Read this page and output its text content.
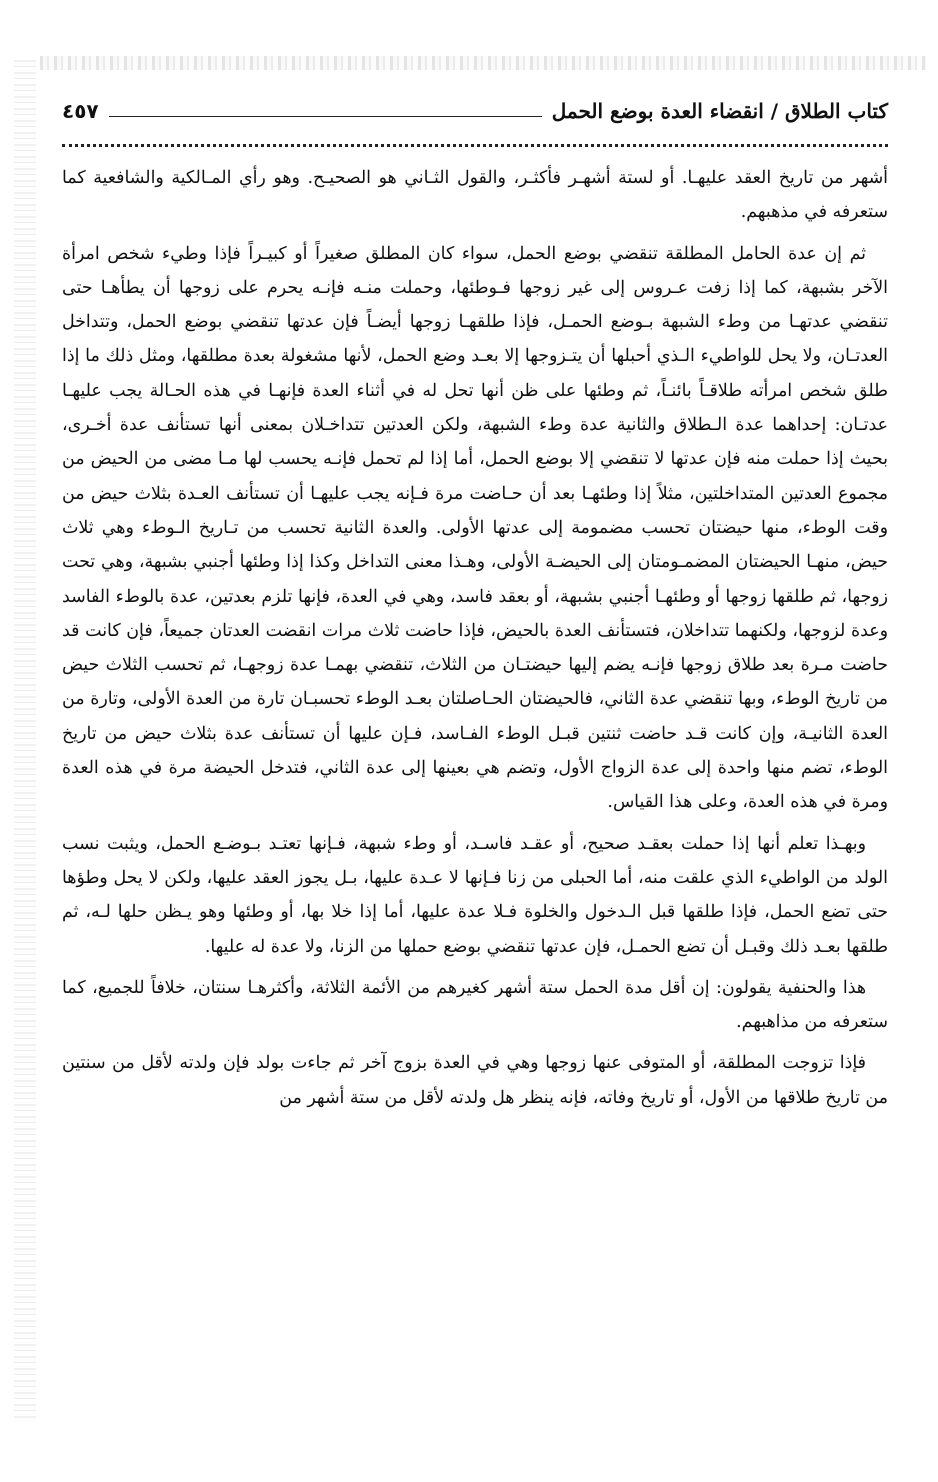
كتاب الطلاق / انقضاء العدة بوضع الحمل
٤٥٧

أشهر من تاريخ العقد عليهـا. أو لستة أشهـر فأكثـر، والقول الثـاني هو الصحيـح. وهو رأي المـالكية والشافعية كما ستعرفه في مذهبهم.

ثم إن عدة الحامل المطلقة تنقضي بوضع الحمل، سواء كان المطلق صغيراً أو كبيـراً فإذا وطيء شخص امرأة الآخر بشبهة، كما إذا زفت عـروس إلى غير زوجها فـوطئها، وحملت منـه فإنـه يحرم على زوجها أن يطأهـا حتى تنقضي عدتهـا من وطء الشبهة بـوضع الحمـل، فإذا طلقهـا زوجها أيضـاً فإن عدتها تنقضي بوضع الحمل، وتتداخل العدتـان، ولا يحل للواطيء الـذي أحبلها أن يتـزوجها إلا بعـد وضع الحمل، لأنها مشغولة بعدة مطلقها، ومثل ذلك ما إذا طلق شخص امرأته طلاقـاً بائنـاً، ثم وطئها على ظن أنها تحل له في أثناء العدة فإنهـا في هذه الحـالة يجب عليهـا عدتـان: إحداهما عدة الـطلاق والثانية عدة وطء الشبهة، ولكن العدتين تتداخـلان بمعنى أنها تستأنف عدة أخـرى، بحيث إذا حملت منه فإن عدتها لا تنقضي إلا بوضع الحمل، أما إذا لم تحمل فإنـه يحسب لها مـا مضى من الحيض من مجموع العدتين المتداخلتين، مثلاً إذا وطئهـا بعد أن حـاضت مرة فـإنه يجب عليهـا أن تستأنف العـدة بثلاث حيض من وقت الوطء، منها حيضتان تحسب مضمومة إلى عدتها الأولى. والعدة الثانية تحسب من تـاريخ الـوطء وهي ثلاث حيض، منهـا الحيضتان المضمـومتان إلى الحيضـة الأولى، وهـذا معنى التداخل وكذا إذا وطئها أجنبي بشبهة، وهي تحت زوجها، ثم طلقها زوجها أو وطئهـا أجنبي بشبهة، أو بعقد فاسد، وهي في العدة، فإنها تلزم بعدتين، عدة بالوطء الفاسد وعدة لزوجها، ولكنهما تتداخلان، فتستأنف العدة بالحيض، فإذا حاضت ثلاث مرات انقضت العدتان جميعاً، فإن كانت قد حاضت مـرة بعد طلاق زوجها فإنـه يضم إليها حيضتـان من الثلاث، تنقضي بهمـا عدة زوجهـا، ثم تحسب الثلاث حيض من تاريخ الوطء، وبها تنقضي عدة الثاني، فالحيضتان الحـاصلتان بعـد الوطء تحسبـان تارة من العدة الأولى، وتارة من العدة الثانيـة، وإن كانت قـد حاضت ثنتين قبـل الوطء الفـاسد، فـإن عليها أن تستأنف عدة بثلاث حيض من تاريخ الوطء، تضم منها واحدة إلى عدة الزواج الأول، وتضم هي بعينها إلى عدة الثاني، فتدخل الحيضة مرة في هذه العدة ومرة في هذه العدة، وعلى هذا القياس.

وبهـذا تعلم أنها إذا حملت بعقـد صحيح، أو عقـد فاسـد، أو وطء شبهة، فـإنها تعتـد بـوضـع الحمل، ويثبت نسب الولد من الواطيء الذي علقت منه، أما الحبلى من زنا فـإنها لا عـدة عليها، بـل يجوز العقد عليها، ولكن لا يحل وطؤها حتى تضع الحمل، فإذا طلقها قبل الـدخول والخلوة فـلا عدة عليها، أما إذا خلا بها، أو وطئها وهو يـظن حلها لـه، ثم طلقها بعـد ذلك وقبـل أن تضع الحمـل، فإن عدتها تنقضي بوضع حملها من الزنا، ولا عدة له عليها.

هذا والحنفية يقولون: إن أقل مدة الحمل ستة أشهر كغيرهم من الأئمة الثلاثة، وأكثرهـا سنتان، خلافاً للجميع، كما ستعرفه من مذاهبهم.

فإذا تزوجت المطلقة، أو المتوفى عنها زوجها وهي في العدة بزوج آخر ثم جاءت بولد فإن ولدته لأقل من سنتين من تاريخ طلاقها من الأول، أو تاريخ وفاته، فإنه ينظر هل ولدته لأقل من ستة أشهر من
